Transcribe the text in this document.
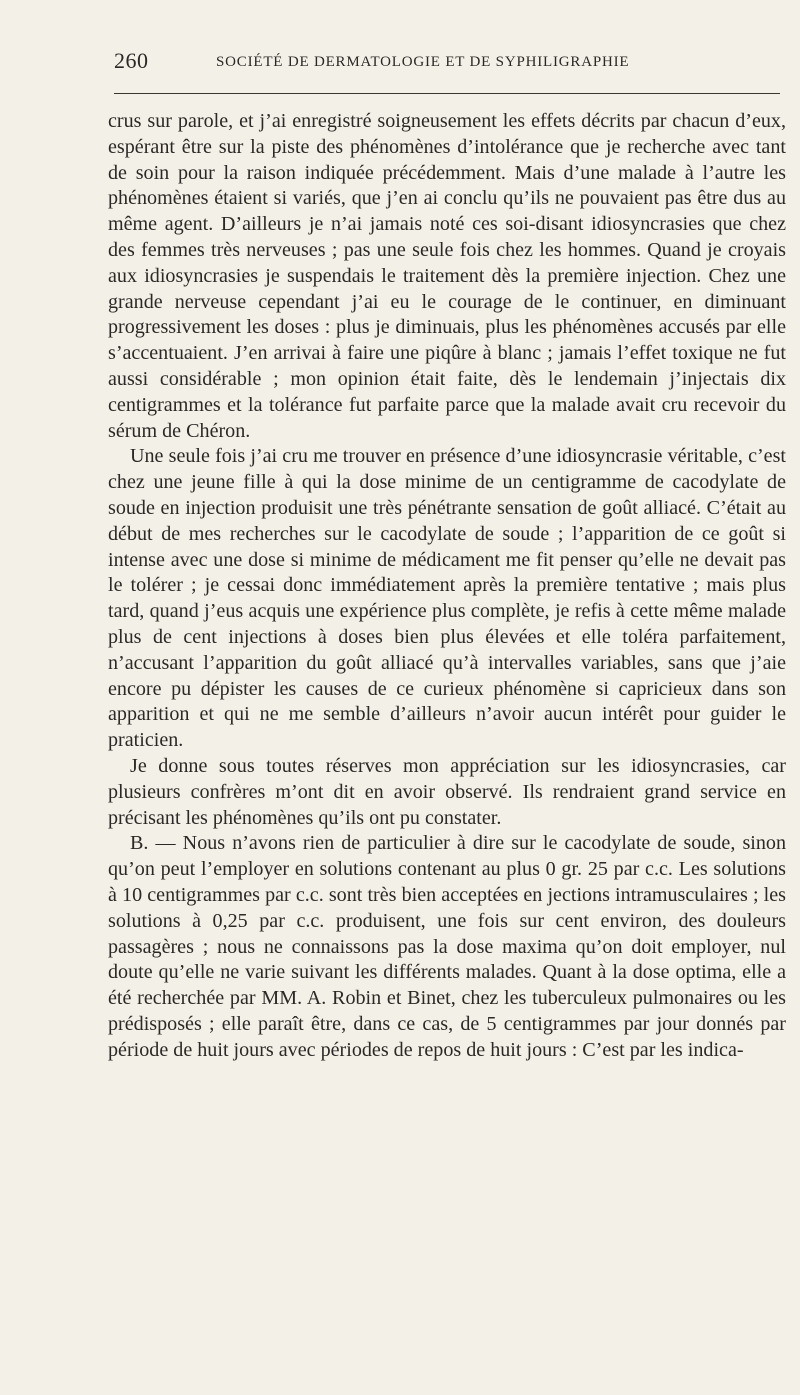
260	SOCIÉTÉ DE DERMATOLOGIE ET DE SYPHILIGRAPHIE

crus sur parole, et j’ai enregistré soigneusement les effets décrits par chacun d’eux, espérant être sur la piste des phénomènes d’intolérance que je recherche avec tant de soin pour la raison indiquée précédemment. Mais d’une malade à l’autre les phénomènes étaient si variés, que j’en ai conclu qu’ils ne pouvaient pas être dus au même agent. D’ailleurs je n’ai jamais noté ces soi-disant idiosyncrasies que chez des femmes très nerveuses ; pas une seule fois chez les hommes. Quand je croyais aux idiosyncrasies je suspendais le traitement dès la première injection. Chez une grande nerveuse cependant j’ai eu le courage de le continuer, en diminuant progressivement les doses : plus je diminuais, plus les phénomènes accusés par elle s’accentuaient. J’en arrivai à faire une piqûre à blanc ; jamais l’effet toxique ne fut aussi considérable ; mon opinion était faite, dès le lendemain j’injectais dix centigrammes et la tolérance fut parfaite parce que la malade avait cru recevoir du sérum de Chéron.

Une seule fois j’ai cru me trouver en présence d’une idiosyncrasie véritable, c’est chez une jeune fille à qui la dose minime de un centigramme de cacodylate de soude en injection produisit une très pénétrante sensation de goût alliacé. C’était au début de mes recherches sur le cacodylate de soude ; l’apparition de ce goût si intense avec une dose si minime de médicament me fit penser qu’elle ne devait pas le tolérer ; je cessai donc immédiatement après la première tentative ; mais plus tard, quand j’eus acquis une expérience plus complète, je refis à cette même malade plus de cent injections à doses bien plus élevées et elle toléra parfaitement, n’accusant l’apparition du goût alliacé qu’à intervalles variables, sans que j’aie encore pu dépister les causes de ce curieux phénomène si capricieux dans son apparition et qui ne me semble d’ailleurs n’avoir aucun intérêt pour guider le praticien.

Je donne sous toutes réserves mon appréciation sur les idiosyncrasies, car plusieurs confrères m’ont dit en avoir observé. Ils rendraient grand service en précisant les phénomènes qu’ils ont pu constater.

B. — Nous n’avons rien de particulier à dire sur le cacodylate de soude, sinon qu’on peut l’employer en solutions contenant au plus 0 gr. 25 par c.c. Les solutions à 10 centigrammes par c.c. sont très bien acceptées en jections intramusculaires ; les solutions à 0,25 par c.c. produisent, une fois sur cent environ, des douleurs passagères ; nous ne connaissons pas la dose maxima qu’on doit employer, nul doute qu’elle ne varie suivant les différents malades. Quant à la dose optima, elle a été recherchée par MM. A. Robin et Binet, chez les tuberculeux pulmonaires ou les prédisposés ; elle paraît être, dans ce cas, de 5 centigrammes par jour donnés par période de huit jours avec périodes de repos de huit jours : C’est par les indica-
